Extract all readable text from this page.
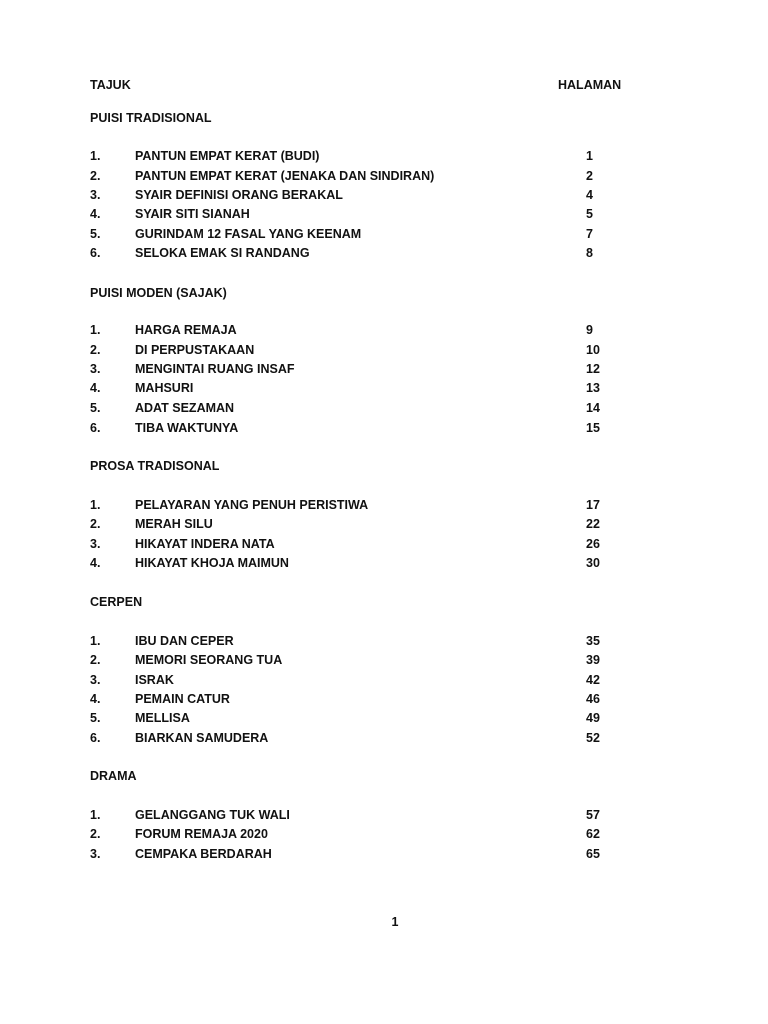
TAJUK	HALAMAN
PUISI TRADISIONAL
1.	PANTUN EMPAT KERAT (BUDI)	1
2.	PANTUN EMPAT KERAT (JENAKA DAN SINDIRAN)	2
3.	SYAIR DEFINISI ORANG BERAKAL	4
4.	SYAIR SITI SIANAH	5
5.	GURINDAM 12 FASAL YANG KEENAM	7
6.	SELOKA EMAK SI RANDANG	8
PUISI MODEN (SAJAK)
1.	HARGA REMAJA	9
2.	DI PERPUSTAKAAN	10
3.	MENGINTAI RUANG INSAF	12
4.	MAHSURI	13
5.	ADAT SEZAMAN	14
6.	TIBA WAKTUNYA	15
PROSA TRADISONAL
1.	PELAYARAN YANG PENUH PERISTIWA	17
2.	MERAH SILU	22
3.	HIKAYAT INDERA NATA	26
4.	HIKAYAT KHOJA MAIMUN	30
CERPEN
1.	IBU DAN CEPER	35
2.	MEMORI SEORANG TUA	39
3.	ISRAK	42
4.	PEMAIN CATUR	46
5.	MELLISA	49
6.	BIARKAN SAMUDERA	52
DRAMA
1.	GELANGGANG TUK WALI	57
2.	FORUM REMAJA 2020	62
3.	CEMPAKA BERDARAH	65
1
